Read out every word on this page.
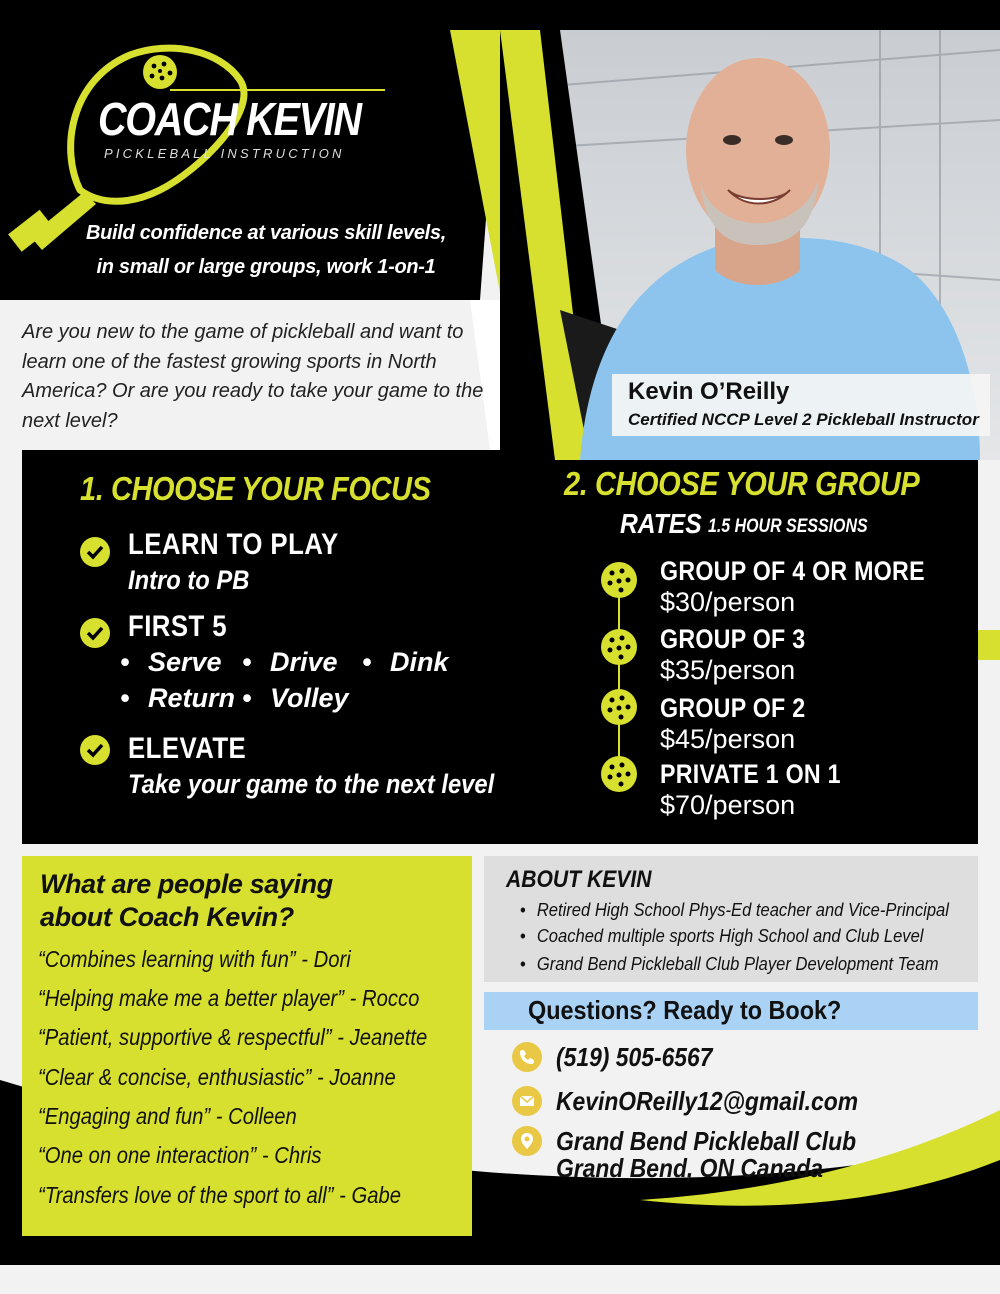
COACH KEVIN
PICKLEBALL INSTRUCTION
Build confidence at various skill levels,
in small or large groups, work 1-on-1
Are you new to the game of pickleball and want to learn one of the fastest growing sports in North America? Or are you ready to take your game to the next level?
Kevin O’Reilly
Certified NCCP Level 2 Pickleball Instructor
1. CHOOSE YOUR FOCUS
LEARN TO PLAY
Intro to PB
FIRST 5
• Serve • Drive • Dink
• Return • Volley
ELEVATE
Take your game to the next level
2. CHOOSE YOUR GROUP
RATES 1.5 HOUR SESSIONS
GROUP OF 4 OR MORE
$30/person
GROUP OF 3
$35/person
GROUP OF 2
$45/person
PRIVATE 1 ON 1
$70/person
What are people saying
about Coach Kevin?
“Combines learning with fun” - Dori
“Helping make me a better player” - Rocco
“Patient, supportive & respectful” - Jeanette
“Clear & concise, enthusiastic” - Joanne
“Engaging and fun” - Colleen
“One on one interaction” - Chris
“Transfers love of the sport to all” - Gabe
ABOUT KEVIN
• Retired High School Phys-Ed teacher and Vice-Principal
• Coached multiple sports High School and Club Level
• Grand Bend Pickleball Club Player Development Team
Questions? Ready to Book?
(519) 505-6567
KevinOReilly12@gmail.com
Grand Bend Pickleball Club
Grand Bend, ON Canada
